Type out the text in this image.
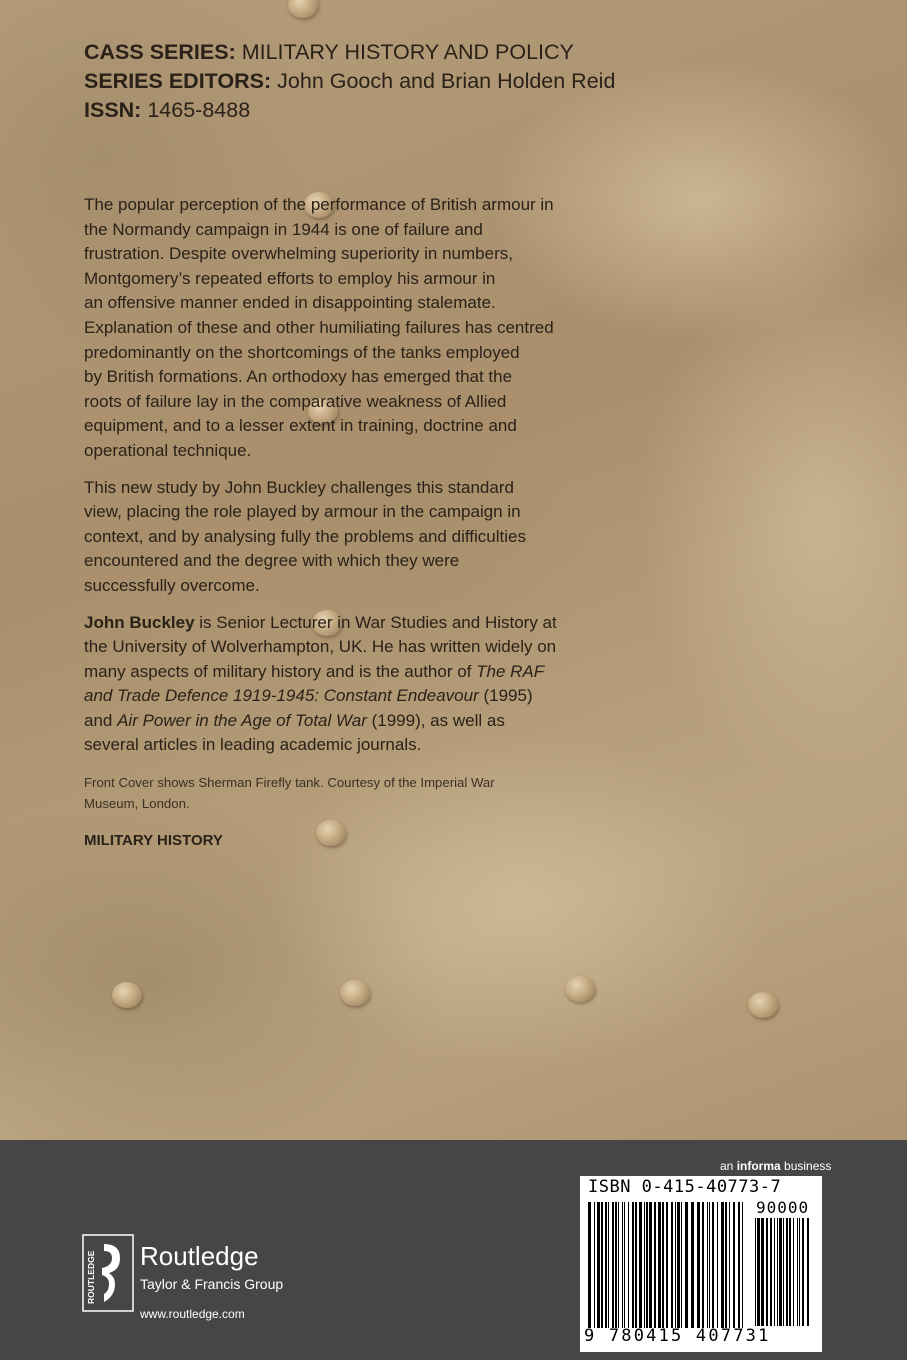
CASS SERIES: MILITARY HISTORY AND POLICY
SERIES EDITORS: John Gooch and Brian Holden Reid
ISSN: 1465-8488
The popular perception of the performance of British armour in
the Normandy campaign in 1944 is one of failure and
frustration. Despite overwhelming superiority in numbers,
Montgomery’s repeated efforts to employ his armour in
an offensive manner ended in disappointing stalemate.
Explanation of these and other humiliating failures has centred
predominantly on the shortcomings of the tanks employed
by British formations. An orthodoxy has emerged that the
roots of failure lay in the comparative weakness of Allied
equipment, and to a lesser extent in training, doctrine and
operational technique.
This new study by John Buckley challenges this standard
view, placing the role played by armour in the campaign in
context, and by analysing fully the problems and difficulties
encountered and the degree with which they were
successfully overcome.
John Buckley is Senior Lecturer in War Studies and History at
the University of Wolverhampton, UK. He has written widely on
many aspects of military history and is the author of The RAF
and Trade Defence 1919-1945: Constant Endeavour (1995)
and Air Power in the Age of Total War (1999), as well as
several articles in leading academic journals.
Front Cover shows Sherman Firefly tank. Courtesy of the Imperial War
Museum, London.
MILITARY HISTORY
ROUTLEDGE Routledge
Taylor & Francis Group
www.routledge.com
an informa business
ISBN 0-415-40773-7
90000
9 780415 407731
